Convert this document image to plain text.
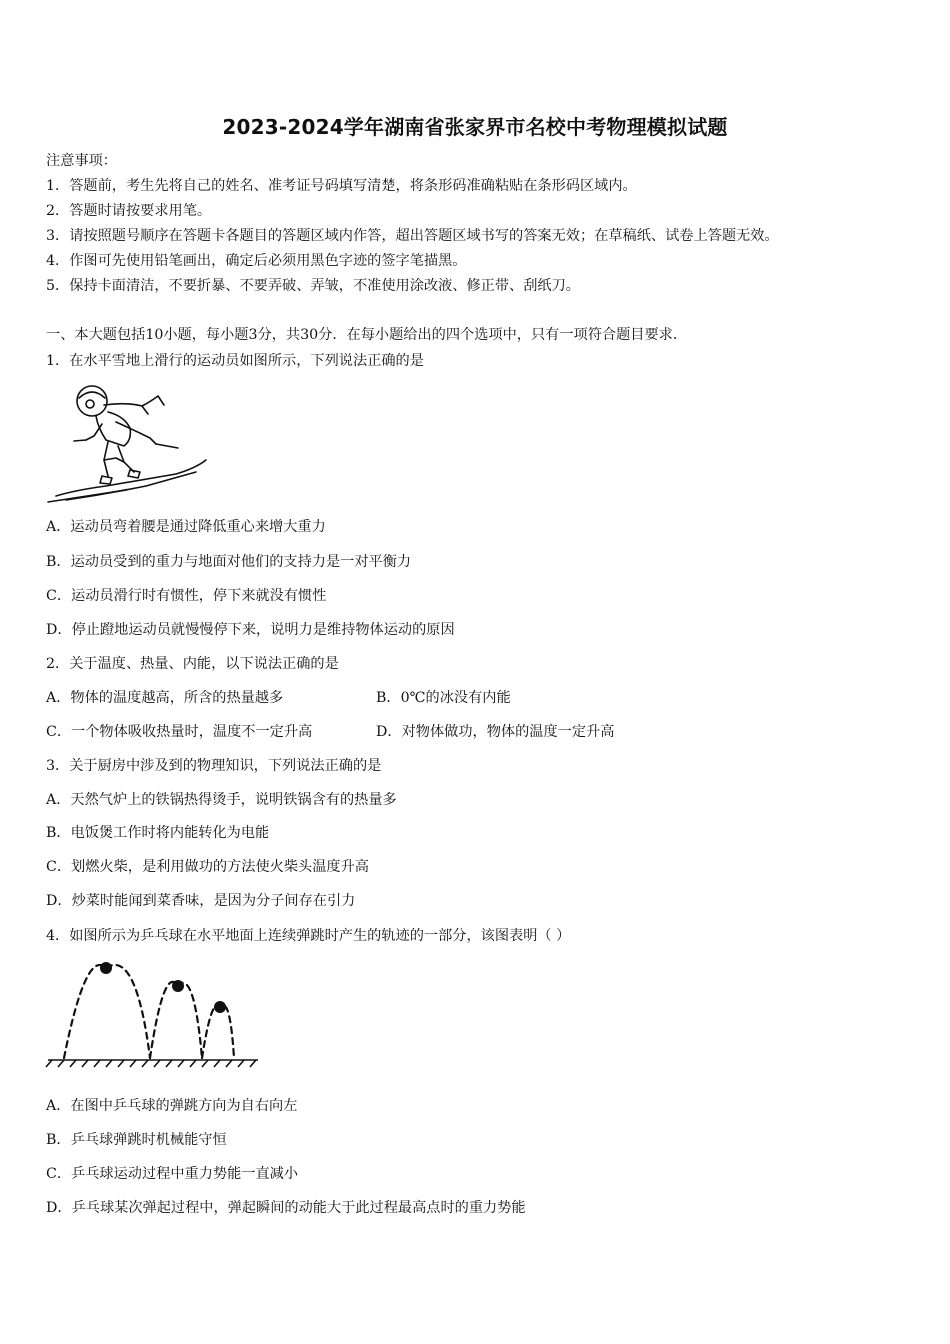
2023-2024学年湖南省张家界市名校中考物理模拟试题
注意事项：
1．答题前，考生先将自己的姓名、准考证号码填写清楚，将条形码准确粘贴在条形码区域内。
2．答题时请按要求用笔。
3．请按照题号顺序在答题卡各题目的答题区域内作答，超出答题区域书写的答案无效；在草稿纸、试卷上答题无效。
4．作图可先使用铅笔画出，确定后必须用黑色字迹的签字笔描黑。
5．保持卡面清洁，不要折暴、不要弄破、弄皱，不准使用涂改液、修正带、刮纸刀。
一、本大题包括10小题，每小题3分，共30分．在每小题给出的四个选项中，只有一项符合题目要求．
1．在水平雪地上滑行的运动员如图所示，下列说法正确的是
A．运动员弯着腰是通过降低重心来增大重力
B．运动员受到的重力与地面对他们的支持力是一对平衡力
C．运动员滑行时有惯性，停下来就没有惯性
D．停止蹬地运动员就慢慢停下来，说明力是维持物体运动的原因
2．关于温度、热量、内能，以下说法正确的是
A．物体的温度越高，所含的热量越多	B．0℃的冰没有内能
C．一个物体吸收热量时，温度不一定升高	D．对物体做功，物体的温度一定升高
3．关于厨房中涉及到的物理知识，下列说法正确的是
A．天然气炉上的铁锅热得烫手，说明铁锅含有的热量多
B．电饭煲工作时将内能转化为电能
C．划燃火柴，是利用做功的方法使火柴头温度升高
D．炒菜时能闻到菜香味，是因为分子间存在引力
4．如图所示为乒乓球在水平地面上连续弹跳时产生的轨迹的一部分，该图表明（ ）
A．在图中乒乓球的弹跳方向为自右向左
B．乒乓球弹跳时机械能守恒
C．乒乓球运动过程中重力势能一直减小
D．乒乓球某次弹起过程中，弹起瞬间的动能大于此过程最高点时的重力势能
